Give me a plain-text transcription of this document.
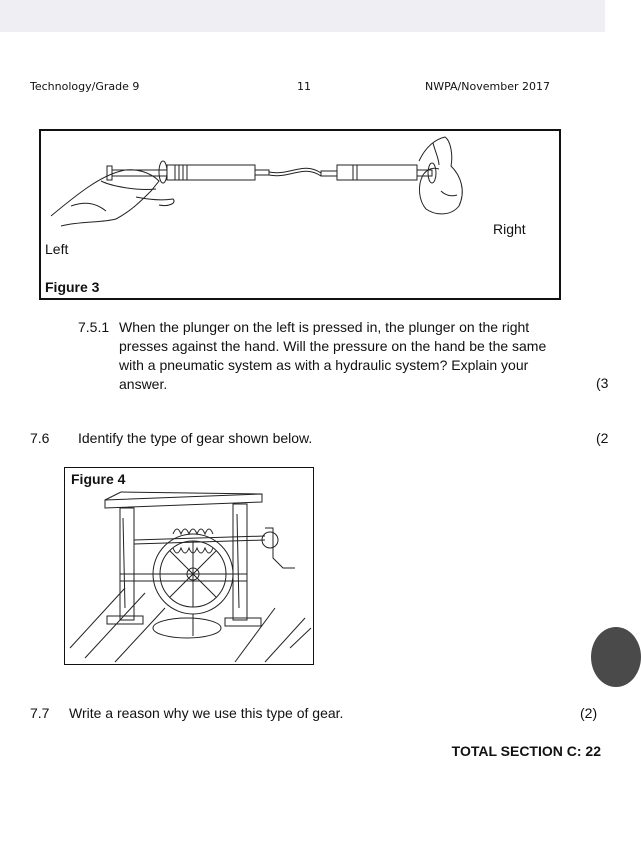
Technology/Grade 9	11	NWPA/November 2017
Left
Right
Figure 3
7.5.1 When the plunger on the left is pressed in, the plunger on the right
presses against the hand. Will the pressure on the hand be the same
with a pneumatic system as with a hydraulic system? Explain your
answer.	(3
7.6 Identify the type of gear shown below.	(2
Figure 4
7.7 Write a reason why we use this type of gear.	(2)
TOTAL SECTION C: 22
